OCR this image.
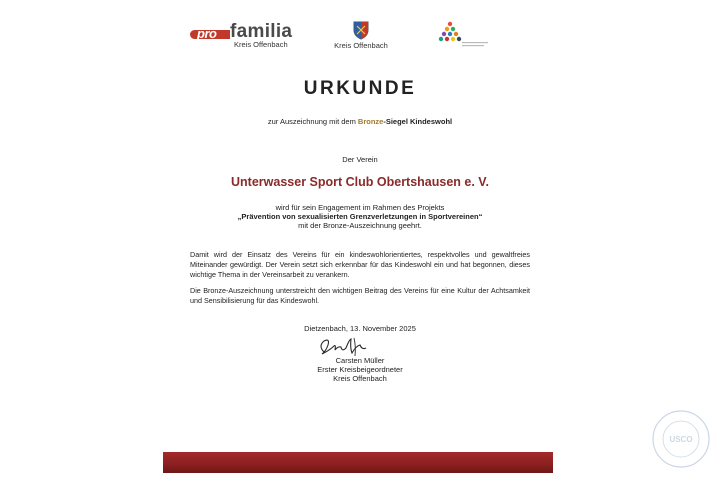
pro familia
Kreis Offenbach	Kreis Offenbach
URKUNDE
zur Auszeichnung mit dem Bronze-Siegel Kindeswohl
Der Verein
Unterwasser Sport Club Obertshausen e. V.
wird für sein Engagement im Rahmen des Projekts
„Prävention von sexualisierten Grenzverletzungen in Sportvereinen“
mit der Bronze-Auszeichnung geehrt.
Damit wird der Einsatz des Vereins für ein kindeswohlorientiertes, respektvolles und gewaltfreies Miteinander gewürdigt. Der Verein setzt sich erkennbar für das Kindeswohl ein und hat begonnen, dieses wichtige Thema in der Vereinsarbeit zu verankern.
Die Bronze-Auszeichnung unterstreicht den wichtigen Beitrag des Vereins für eine Kultur der Achtsamkeit und Sensibilisierung für das Kindeswohl.
Dietzenbach, 13. November 2025
Carsten Müller
Erster Kreisbeigeordneter
Kreis Offenbach
USCO
